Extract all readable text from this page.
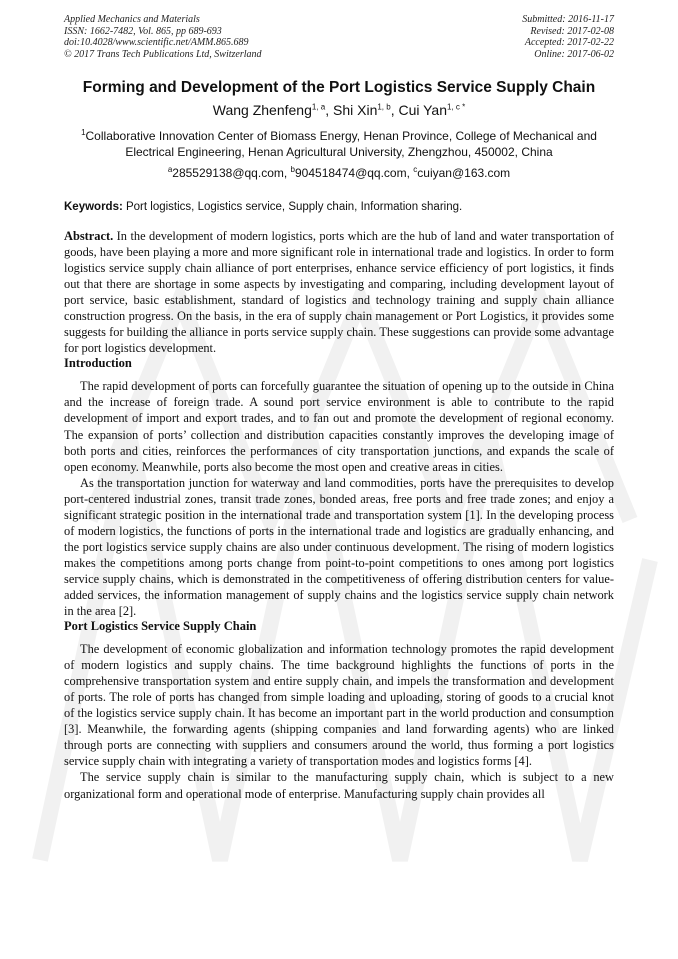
Applied Mechanics and Materials
ISSN: 1662-7482, Vol. 865, pp 689-693
doi:10.4028/www.scientific.net/AMM.865.689
© 2017 Trans Tech Publications Ltd, Switzerland
Submitted: 2016-11-17
Revised: 2017-02-08
Accepted: 2017-02-22
Online: 2017-06-02
Forming and Development of the Port Logistics Service Supply Chain
Wang Zhenfeng$^{1, a}$, Shi Xin$^{1, b}$, Cui Yan$^{1, c *}$
$^1$Collaborative Innovation Center of Biomass Energy, Henan Province, College of Mechanical and
Electrical Engineering, Henan Agricultural University, Zhengzhou, 450002, China
$^a$285529138@qq.com, $^b$904518474@qq.com, $^c$cuiyan@163.com
Keywords: Port logistics, Logistics service, Supply chain, Information sharing.
Abstract. In the development of modern logistics, ports which are the hub of land and water transportation of goods, have been playing a more and more significant role in international trade and logistics. In order to form logistics service supply chain alliance of port enterprises, enhance service efficiency of port logistics, it finds out that there are shortage in some aspects by investigating and comparing, including development layout of port service, basic establishment, standard of logistics and technology training and supply chain alliance construction progress. On the basis, in the era of supply chain management or Port Logistics, it provides some suggests for building the alliance in ports service supply chain. These suggestions can provide some advantage for port logistics development.
Introduction

The rapid development of ports can forcefully guarantee the situation of opening up to the outside in China and the increase of foreign trade. A sound port service environment is able to contribute to the rapid development of import and export trades, and to fan out and promote the development of regional economy. The expansion of ports’ collection and distribution capacities constantly improves the developing image of both ports and cities, reinforces the performances of city transportation junctions, and expands the scale of open economy. Meanwhile, ports also become the most open and creative areas in cities.

As the transportation junction for waterway and land commodities, ports have the prerequisites to develop port-centered industrial zones, transit trade zones, bonded areas, free ports and free trade zones; and enjoy a significant strategic position in the international trade and transportation system [1]. In the developing process of modern logistics, the functions of ports in the international trade and logistics are gradually enhancing, and the port logistics service supply chains are also under continuous development. The rising of modern logistics makes the competitions among ports change from point-to-point competitions to ones among port logistics service supply chains, which is demonstrated in the competitiveness of offering distribution centers for value-added services, the information management of supply chains and the logistics service supply chain network in the area [2].

Port Logistics Service Supply Chain

The development of economic globalization and information technology promotes the rapid development of modern logistics and supply chains. The time background highlights the functions of ports in the comprehensive transportation system and entire supply chain, and impels the transformation and development of ports. The role of ports has changed from simple loading and uploading, storing of goods to a crucial knot of the logistics service supply chain. It has become an important part in the world production and consumption [3]. Meanwhile, the forwarding agents (shipping companies and land forwarding agents) who are linked through ports are connecting with suppliers and consumers around the world, thus forming a port logistics service supply chain with integrating a variety of transportation modes and logistics forms [4].

The service supply chain is similar to the manufacturing supply chain, which is subject to a new organizational form and operational mode of enterprise. Manufacturing supply chain provides all
